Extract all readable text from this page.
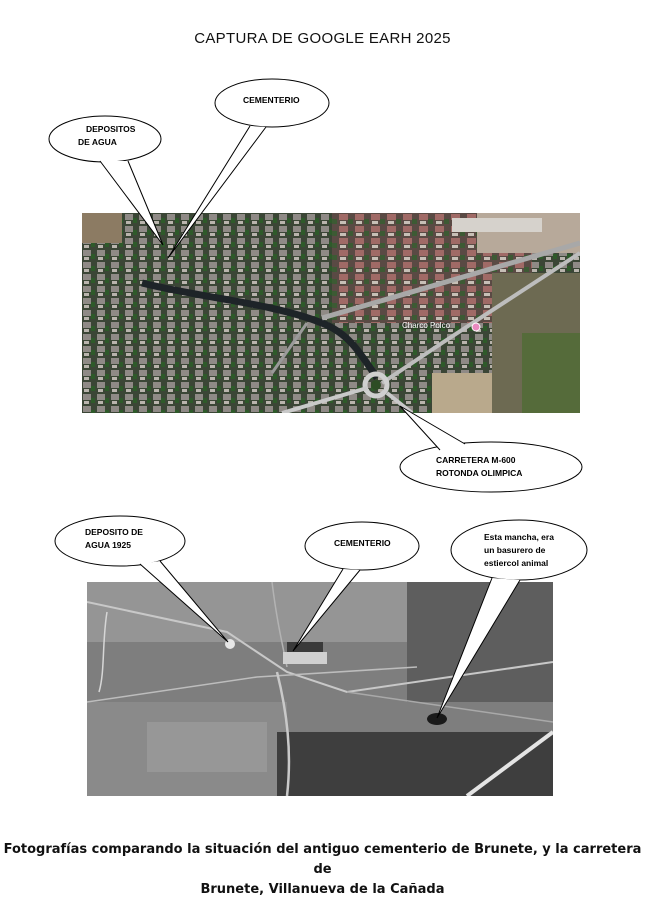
CAPTURA DE GOOGLE EARH 2025
Charco Polco
DEPOSITOS
DE AGUA
CEMENTERIO
CARRETERA M-600
ROTONDA OLIMPICA
DEPOSITO DE
AGUA 1925	CEMENTERIO
Esta mancha, era
un basurero de
estiercol animal
Fotografías comparando la situación del antiguo cementerio de Brunete, y la carretera de
Brunete, Villanueva de la Cañada
